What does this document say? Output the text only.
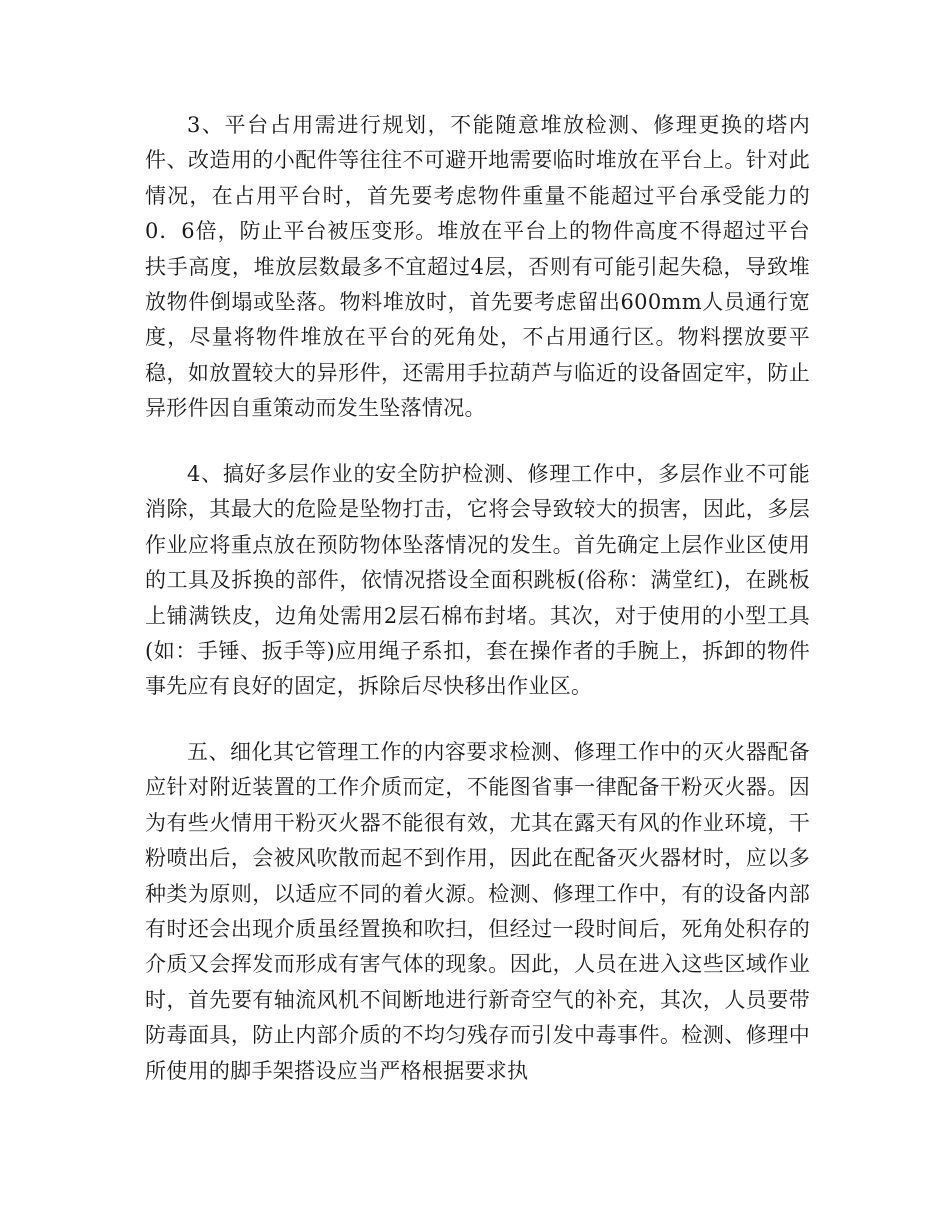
3、平台占用需进行规划，不能随意堆放检测、修理更换的塔内件、改造用的小配件等往往不可避开地需要临时堆放在平台上。针对此情况，在占用平台时，首先要考虑物件重量不能超过平台承受能力的0．6倍，防止平台被压变形。堆放在平台上的物件高度不得超过平台扶手高度，堆放层数最多不宜超过4层，否则有可能引起失稳，导致堆放物件倒塌或坠落。物料堆放时，首先要考虑留出600mm人员通行宽度，尽量将物件堆放在平台的死角处，不占用通行区。物料摆放要平稳，如放置较大的异形件，还需用手拉葫芦与临近的设备固定牢，防止异形件因自重策动而发生坠落情况。

4、搞好多层作业的安全防护检测、修理工作中，多层作业不可能消除，其最大的危险是坠物打击，它将会导致较大的损害，因此，多层作业应将重点放在预防物体坠落情况的发生。首先确定上层作业区使用的工具及拆换的部件，依情况搭设全面积跳板(俗称：满堂红)，在跳板上铺满铁皮，边角处需用2层石棉布封堵。其次，对于使用的小型工具(如：手锤、扳手等)应用绳子系扣，套在操作者的手腕上，拆卸的物件事先应有良好的固定，拆除后尽快移出作业区。

五、细化其它管理工作的内容要求检测、修理工作中的灭火器配备应针对附近装置的工作介质而定，不能图省事一律配备干粉灭火器。因为有些火情用干粉灭火器不能很有效，尤其在露天有风的作业环境，干粉喷出后，会被风吹散而起不到作用，因此在配备灭火器材时，应以多种类为原则，以适应不同的着火源。检测、修理工作中，有的设备内部有时还会出现介质虽经置换和吹扫，但经过一段时间后，死角处积存的介质又会挥发而形成有害气体的现象。因此，人员在进入这些区域作业时，首先要有轴流风机不间断地进行新奇空气的补充，其次，人员要带防毒面具，防止内部介质的不均匀残存而引发中毒事件。检测、修理中所使用的脚手架搭设应当严格根据要求执
